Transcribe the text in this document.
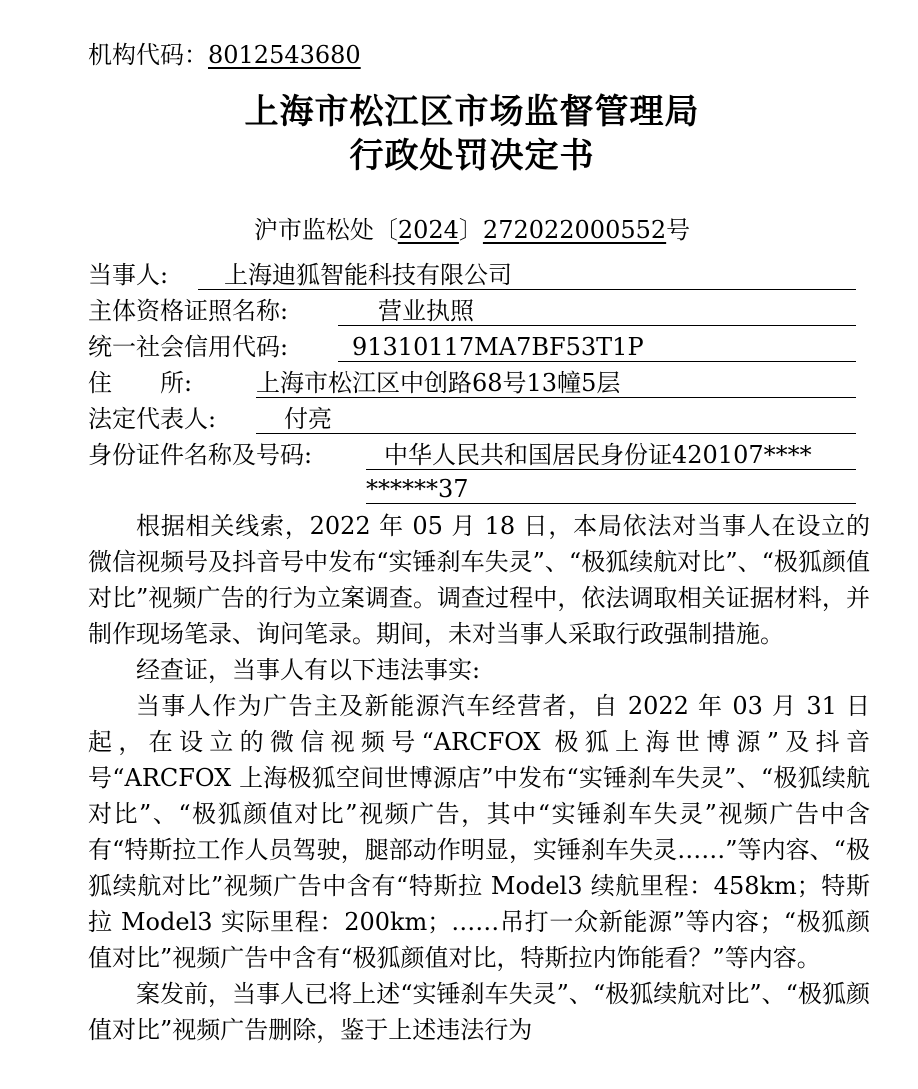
机构代码：8012543680
上海市松江区市场监督管理局
行政处罚决定书
沪市监松处〔2024〕272022000552号
当事人:	上海迪狐智能科技有限公司
主体资格证照名称:	营业执照
统一社会信用代码:	91310117MA7BF53T1P
住　　所:	上海市松江区中创路68号13幢5层
法定代表人:	付亮
身份证件名称及号码:	中华人民共和国居民身份证420107****
******37

根据相关线索，2022 年 05 月 18 日，本局依法对当事人在设立的微信视频号及抖音号中发布“实锤刹车失灵”、“极狐续航对比”、“极狐颜值对比”视频广告的行为立案调查。调查过程中，依法调取相关证据材料，并制作现场笔录、询问笔录。期间，未对当事人采取行政强制措施。

经查证，当事人有以下违法事实:

当事人作为广告主及新能源汽车经营者，自 2022 年 03 月 31 日起，在设立的微信视频号“ARCFOX 极狐上海世博源”及抖音号“ARCFOX 上海极狐空间世博源店”中发布“实锤刹车失灵”、“极狐续航对比”、“极狐颜值对比”视频广告，其中“实锤刹车失灵”视频广告中含有“特斯拉工作人员驾驶，腿部动作明显，实锤刹车失灵……”等内容、“极狐续航对比”视频广告中含有“特斯拉 Model3 续航里程：458km；特斯拉 Model3 实际里程：200km；……吊打一众新能源”等内容；“极狐颜值对比”视频广告中含有“极狐颜值对比，特斯拉内饰能看？”等内容。

案发前，当事人已将上述“实锤刹车失灵”、“极狐续航对比”、“极狐颜值对比”视频广告删除，鉴于上述违法行为
